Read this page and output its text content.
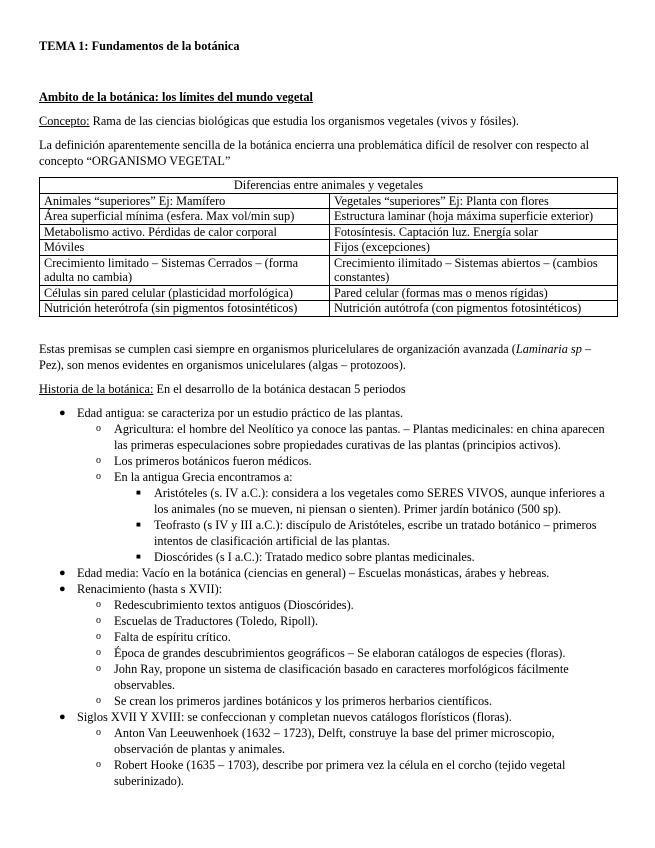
TEMA 1: Fundamentos de la botánica

Ambito de la botánica: los límites del mundo vegetal

Concepto: Rama de las ciencias biológicas que estudia los organismos vegetales (vivos y fósiles).

La definición aparentemente sencilla de la botánica encierra una problemática difícil de resolver con respecto al concepto “ORGANISMO VEGETAL”

Diferencias entre animales y vegetales	
Animales “superiores” Ej: Mamífero	Vegetales “superiores” Ej: Planta con flores
Área superficial mínima (esfera. Max vol/min sup)	Estructura laminar (hoja máxima superficie exterior)
Metabolismo activo. Pérdidas de calor corporal	Fotosíntesis. Captación luz. Energía solar
Móviles	Fijos (excepciones)
Crecimiento limitado – Sistemas Cerrados – (forma adulta no cambia)	Crecimiento ilimitado – Sistemas abiertos – (cambios constantes)
Células sin pared celular (plasticidad morfológica)	Pared celular (formas mas o menos rígidas)
Nutrición heterótrofa (sin pigmentos fotosintéticos)	Nutrición autótrofa (con pigmentos fotosintéticos)

Estas premisas se cumplen casi siempre en organismos pluricelulares de organización avanzada (Laminaria sp – Pez), son menos evidentes en organismos unicelulares (algas – protozoos).

Historia de la botánica: En el desarrollo de la botánica destacan 5 periodos

● Edad antigua: se caracteriza por un estudio práctico de las plantas.
o Agricultura: el hombre del Neolítico ya conoce las pantas. – Plantas medicinales: en china aparecen las primeras especulaciones sobre propiedades curativas de las plantas (principios activos).
o Los primeros botánicos fueron médicos.
o En la antigua Grecia encontramos a:
■ Aristóteles (s. IV a.C.): considera a los vegetales como SERES VIVOS, aunque inferiores a los animales (no se mueven, ni piensan o sienten). Primer jardín botánico (500 sp).
■ Teofrasto (s IV y III a.C.): discípulo de Aristóteles, escribe un tratado botánico – primeros intentos de clasificación artificial de las plantas.
■ Dioscórides (s I a.C.): Tratado medico sobre plantas medicinales.
● Edad media: Vacío en la botánica (ciencias en general) – Escuelas monásticas, árabes y hebreas.
● Renacimiento (hasta s XVII):
o Redescubrimiento textos antiguos (Dioscórides).
o Escuelas de Traductores (Toledo, Ripoll).
o Falta de espíritu crítico.
o Época de grandes descubrimientos geográficos – Se elaboran catálogos de especies (floras).
o John Ray, propone un sistema de clasificación basado en caracteres morfológicos fácilmente observables.
o Se crean los primeros jardines botánicos y los primeros herbarios científicos.
● Siglos XVII Y XVIII: se confeccionan y completan nuevos catálogos florísticos (floras).
o Anton Van Leeuwenhoek (1632 – 1723), Delft, construye la base del primer microscopio, observación de plantas y animales.
o Robert Hooke (1635 – 1703), describe por primera vez la célula en el corcho (tejido vegetal suberinizado).
